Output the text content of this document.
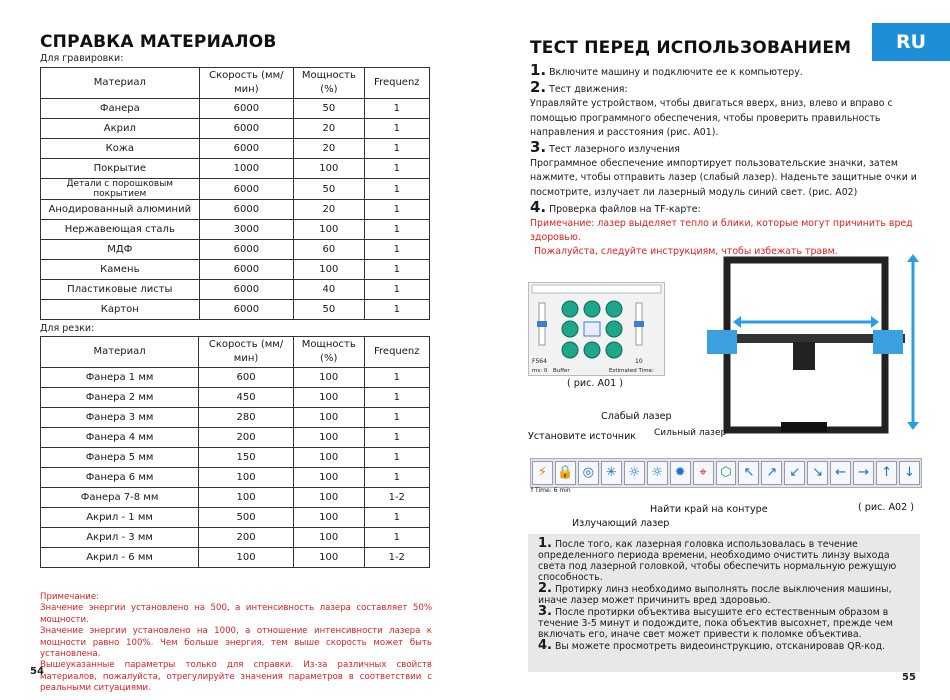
СПРАВКА МАТЕРИАЛОВ
Для гравировки:
Материал	Скорость (мм/мин)	Мощность (%)	Frequenz
Фанера	6000	50	1
Акрил	6000	20	1
Кожа	6000	20	1
Покрытие	1000	100	1
Детали с порошковым покрытием	6000	50	1
Анодированный алюминий	6000	20	1
Нержавеющая сталь	3000	100	1
МДФ	6000	60	1
Камень	6000	100	1
Пластиковые листы	6000	40	1
Картон	6000	50	1
Для резки:
Материал	Скорость (мм/мин)	Мощность (%)	Frequenz
Фанера 1 мм	600	100	1
Фанера 2 мм	450	100	1
Фанера 3 мм	280	100	1
Фанера 4 мм	200	100	1
Фанера 5 мм	150	100	1
Фанера 6 мм	100	100	1
Фанера 7-8 мм	100	100	1-2
Акрил - 1 мм	500	100	1
Акрил - 3 мм	200	100	1
Акрил - 6 мм	100	100	1-2
Примечание:
Значение энергии установлено на 500, а интенсивность лазера составляет 50% мощности.
Значение энергии установлено на 1000, а отношение интенсивности лазера к мощности равно 100%. Чем больше энергия, тем выше скорость может быть установлена.
Вышеуказанные параметры только для справки. Из-за различных свойств материалов, пожалуйста, отрегулируйте значения параметров в соответствии с реальными ситуациями.
54
RU
ТЕСТ ПЕРЕД ИСПОЛЬЗОВАНИЕМ
1. Включите машину и подключите ее к компьютеру.
2. Тест движения:
Управляйте устройством, чтобы двигаться вверх, вниз, влево и вправо с помощью программного обеспечения, чтобы проверить правильность направления и расстояния (рис. A01).
3. Тест лазерного излучения
Программное обеспечение импортирует пользовательские значки, затем нажмите, чтобы отправить лазер (слабый лазер). Наденьте защитные очки и посмотрите, излучает ли лазерный модуль синий свет. (рис. A02)
4. Проверка файлов на TF-карте:
Примечание: лазер выделяет тепло и блики, которые могут причинить вред здоровью.
Пожалуйста, следуйте инструкциям, чтобы избежать травм.
F564	10
ms: 0 Buffer	Estimated Time:
( рис. A01 )
Слабый лазер
Установите источник Сильный лазер
⚡ 🔒 ◎ ✳ ☼ ☼ ✹	⌖	⬡ ↖ ↗ ↙ ↘ ← → ↑ ↓
f Time: 6 min
Найти край на контуре	( рис. A02 )
Излучающий лазер
1. После того, как лазерная головка использовалась в течение определенного периода времени, необходимо очистить линзу выхода света под лазерной головкой, чтобы обеспечить нормальную режущую способность.
2. Протирку линз необходимо выполнять после выключения машины, иначе лазер может причинить вред здоровью.
3. После протирки объектива высушите его естественным образом в течение 3-5 минут и подождите, пока объектив высохнет, прежде чем включать его, иначе свет может привести к поломке объектива.
4. Вы можете просмотреть видеоинструкцию, отсканировав QR-код.
55
